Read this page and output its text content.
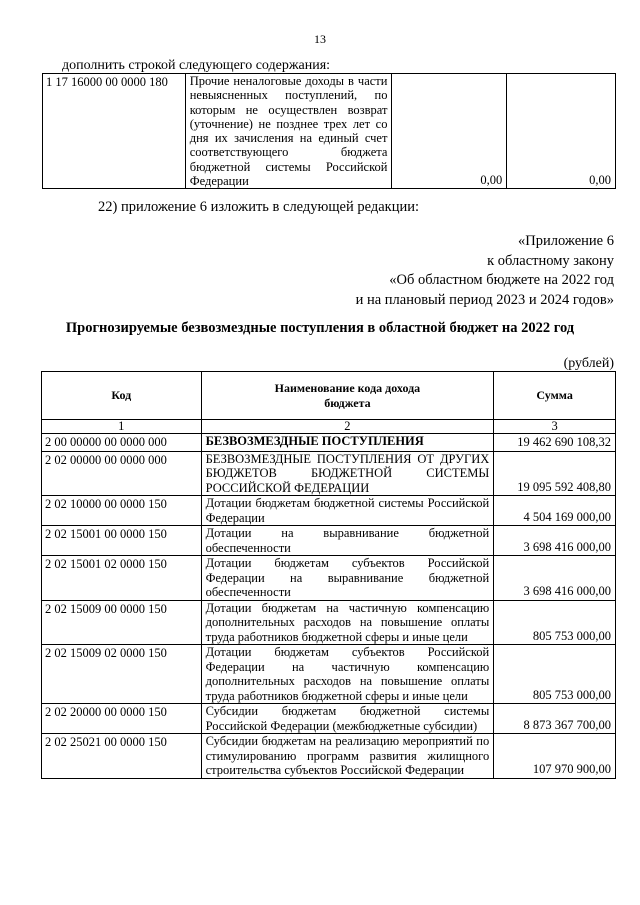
13
дополнить строкой следующего содержания:
1 17 16000 00 0000 180	Прочие неналоговые доходы в части невыясненных поступлений, по которым не осуществлен возврат (уточнение) не позднее трех лет со дня их зачисления на единый счет соответствующего бюджета бюджетной системы Российской Федерации	0,00	0,00
22) приложение 6 изложить в следующей редакции:
«Приложение 6
к областному закону
«Об областном бюджете на 2022 год
и на плановый период 2023 и 2024 годов»
Прогнозируемые безвозмездные поступления в областной бюджет на 2022 год
(рублей)
Код	Наименование кода дохода бюджета	Сумма
1	2	3
2 00 00000 00 0000 000	БЕЗВОЗМЕЗДНЫЕ ПОСТУПЛЕНИЯ	19 462 690 108,32
2 02 00000 00 0000 000	БЕЗВОЗМЕЗДНЫЕ ПОСТУПЛЕНИЯ ОТ ДРУГИХ БЮДЖЕТОВ БЮДЖЕТНОЙ СИСТЕМЫ РОССИЙСКОЙ ФЕДЕРАЦИИ	19 095 592 408,80
2 02 10000 00 0000 150	Дотации бюджетам бюджетной системы Российской Федерации	4 504 169 000,00
2 02 15001 00 0000 150	Дотации на выравнивание бюджетной обеспеченности	3 698 416 000,00
2 02 15001 02 0000 150	Дотации бюджетам субъектов Российской Федерации на выравнивание бюджетной обеспеченности	3 698 416 000,00
2 02 15009 00 0000 150	Дотации бюджетам на частичную компенсацию дополнительных расходов на повышение оплаты труда работников бюджетной сферы и иные цели	805 753 000,00
2 02 15009 02 0000 150	Дотации бюджетам субъектов Российской Федерации на частичную компенсацию дополнительных расходов на повышение оплаты труда работников бюджетной сферы и иные цели	805 753 000,00
2 02 20000 00 0000 150	Субсидии бюджетам бюджетной системы Российской Федерации (межбюджетные субсидии)	8 873 367 700,00
2 02 25021 00 0000 150	Субсидии бюджетам на реализацию мероприятий по стимулированию программ развития жилищного строительства субъектов Российской Федерации	107 970 900,00
